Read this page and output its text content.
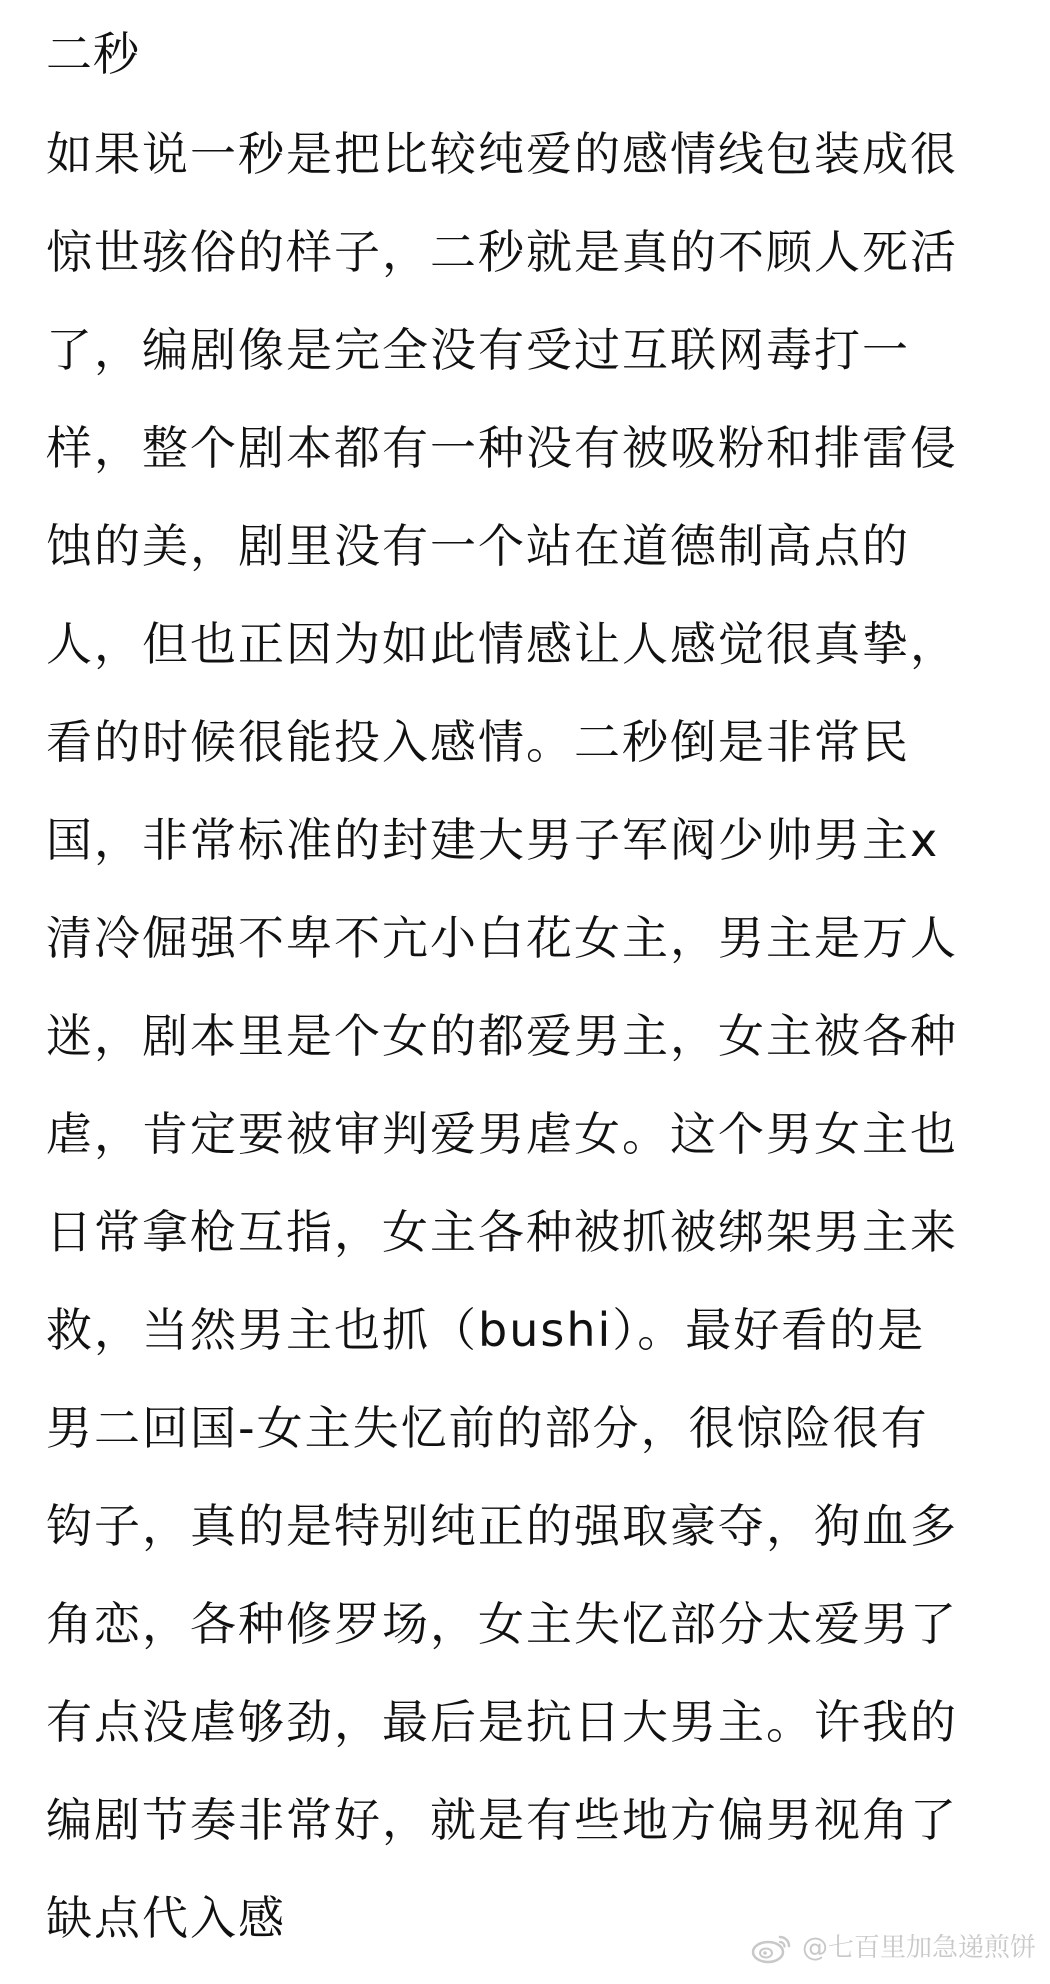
二秒
如果说一秒是把比较纯爱的感情线包装成很
惊世骇俗的样子，二秒就是真的不顾人死活
了，编剧像是完全没有受过互联网毒打一
样，整个剧本都有一种没有被吸粉和排雷侵
蚀的美，剧里没有一个站在道德制高点的
人，但也正因为如此情感让人感觉很真挚，
看的时候很能投入感情。二秒倒是非常民
国，非常标准的封建大男子军阀少帅男主x
清冷倔强不卑不亢小白花女主，男主是万人
迷，剧本里是个女的都爱男主，女主被各种
虐，肯定要被审判爱男虐女。这个男女主也
日常拿枪互指，女主各种被抓被绑架男主来
救，当然男主也抓（bushi）。最好看的是
男二回国-女主失忆前的部分，很惊险很有
钩子，真的是特别纯正的强取豪夺，狗血多
角恋，各种修罗场，女主失忆部分太爱男了
有点没虐够劲，最后是抗日大男主。许我的
编剧节奏非常好，就是有些地方偏男视角了
缺点代入感
@七百里加急递煎饼
